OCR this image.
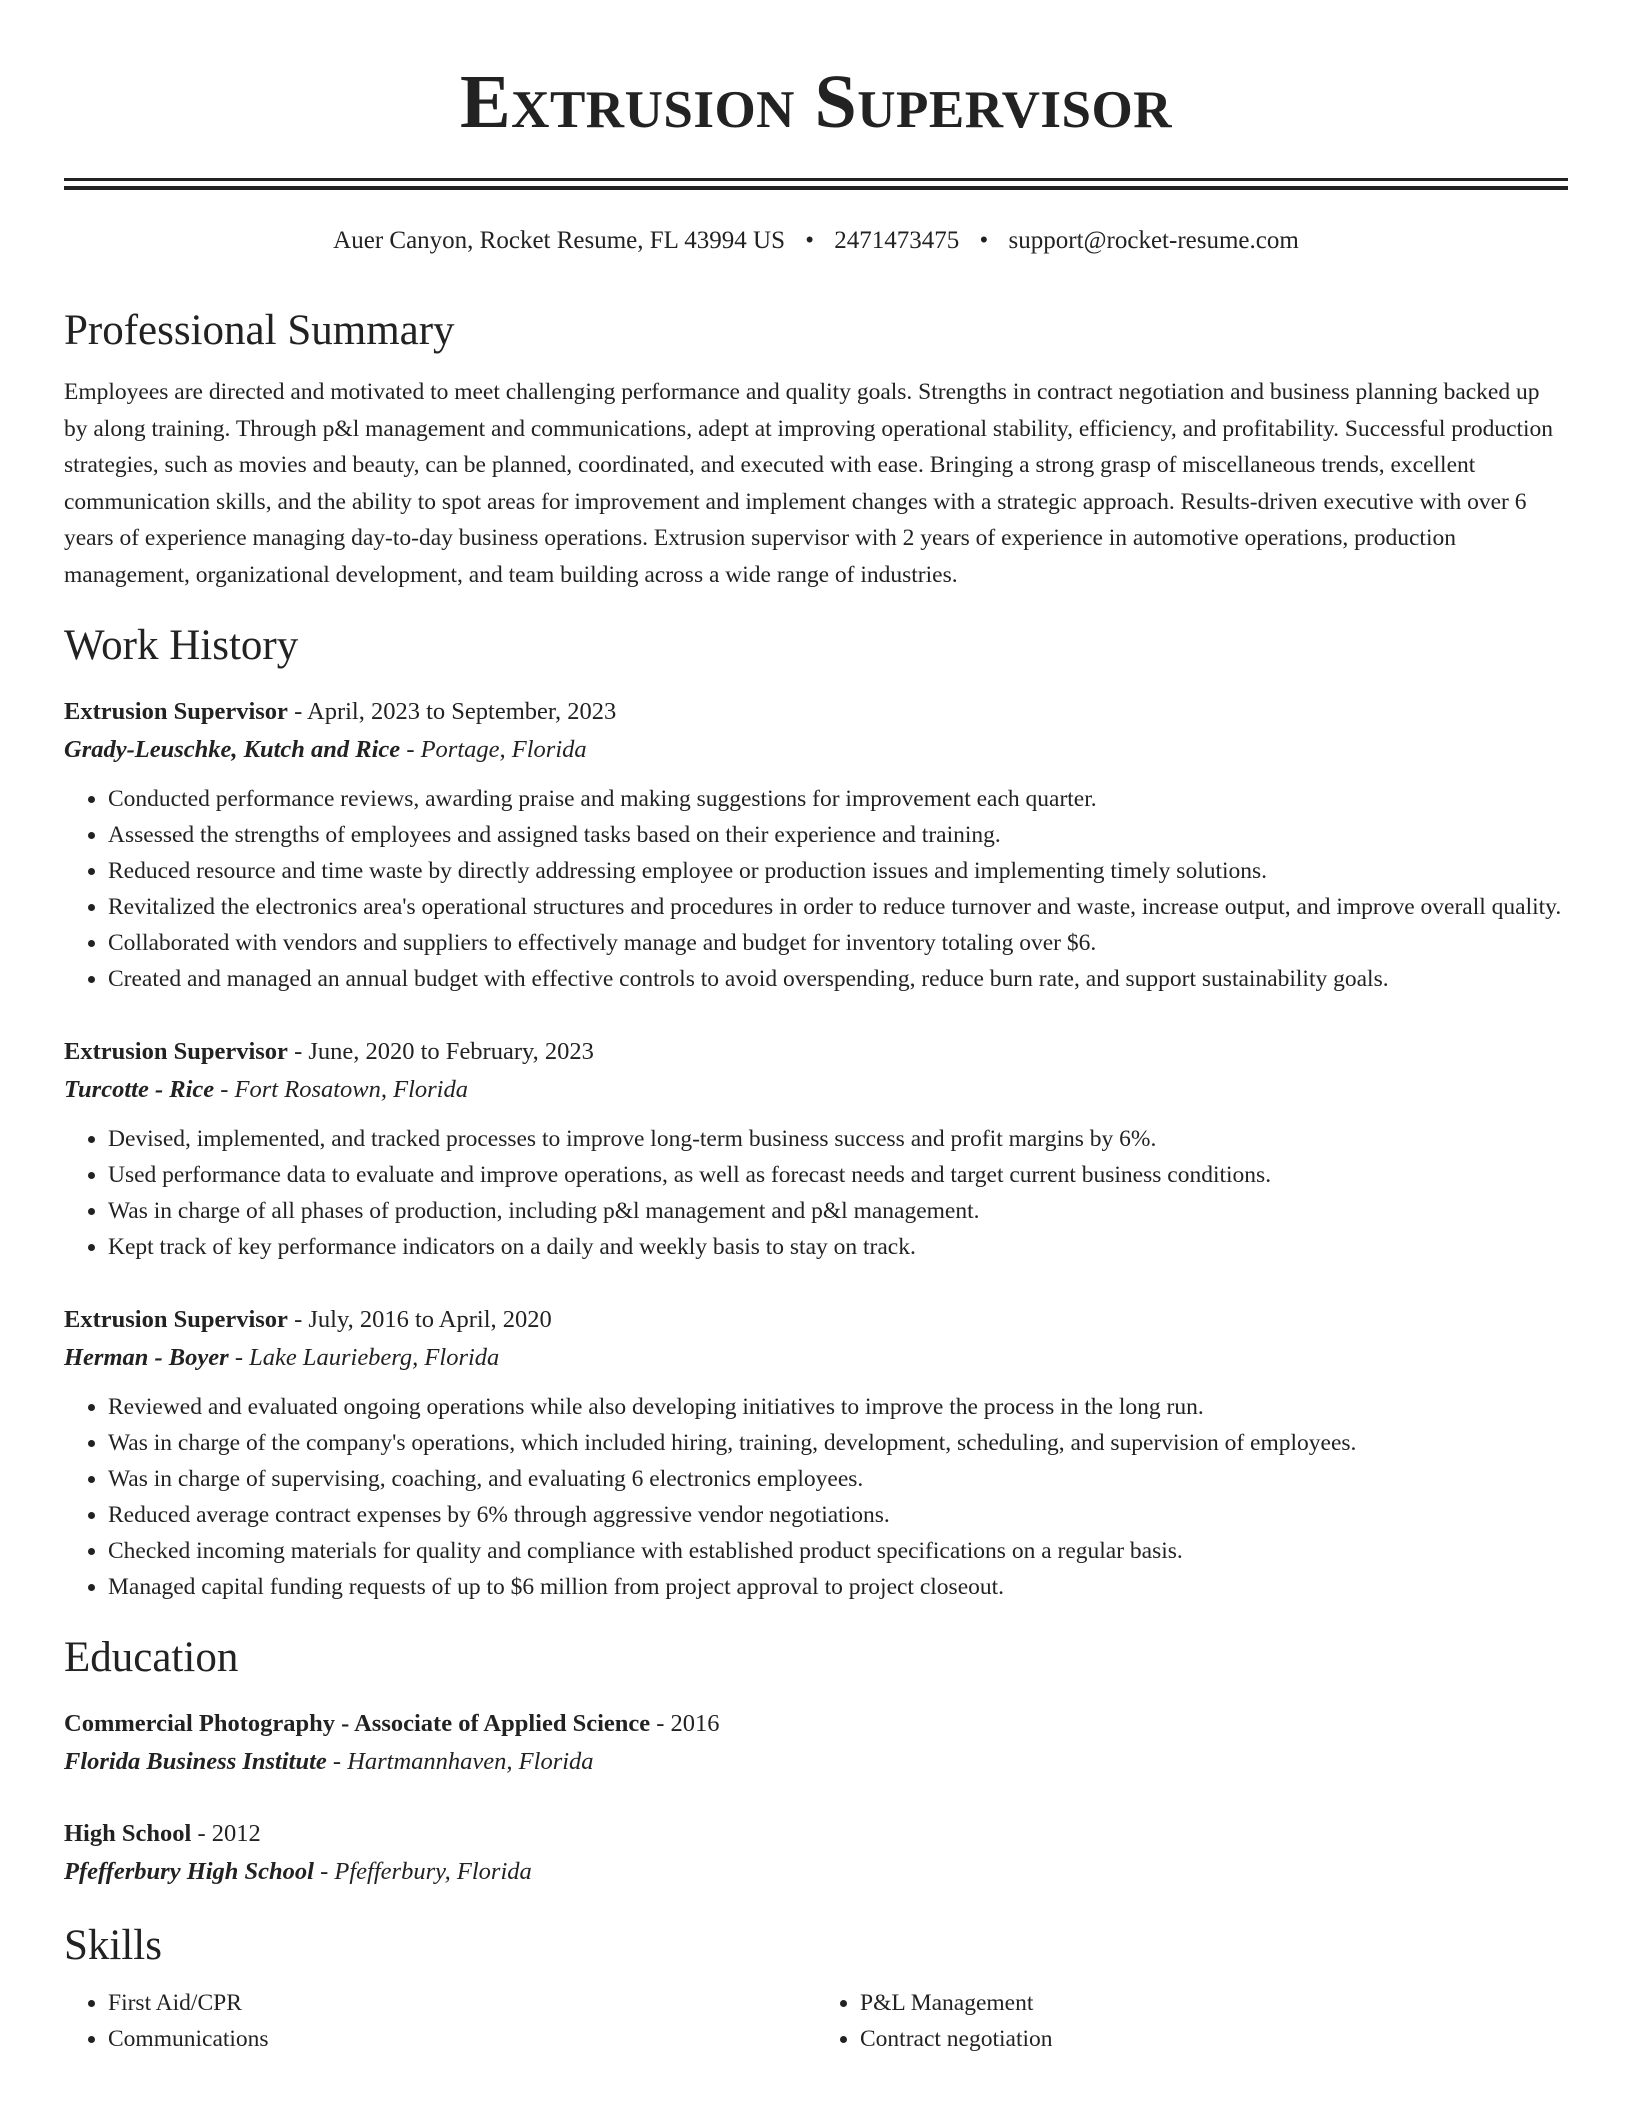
Extrusion Supervisor
Auer Canyon, Rocket Resume, FL 43994 US • 2471473475 • support@rocket-resume.com
Professional Summary

Employees are directed and motivated to meet challenging performance and quality goals. Strengths in contract negotiation and business planning backed up by along training. Through p&l management and communications, adept at improving operational stability, efficiency, and profitability. Successful production strategies, such as movies and beauty, can be planned, coordinated, and executed with ease. Bringing a strong grasp of miscellaneous trends, excellent communication skills, and the ability to spot areas for improvement and implement changes with a strategic approach. Results-driven executive with over 6 years of experience managing day-to-day business operations. Extrusion supervisor with 2 years of experience in automotive operations, production management, organizational development, and team building across a wide range of industries.

Work History
Extrusion Supervisor - April, 2023 to September, 2023
Grady-Leuschke, Kutch and Rice - Portage, Florida
• Conducted performance reviews, awarding praise and making suggestions for improvement each quarter.
• Assessed the strengths of employees and assigned tasks based on their experience and training.
• Reduced resource and time waste by directly addressing employee or production issues and implementing timely solutions.
• Revitalized the electronics area's operational structures and procedures in order to reduce turnover and waste, increase output, and improve overall quality.
• Collaborated with vendors and suppliers to effectively manage and budget for inventory totaling over $6.
• Created and managed an annual budget with effective controls to avoid overspending, reduce burn rate, and support sustainability goals.
Extrusion Supervisor - June, 2020 to February, 2023
Turcotte - Rice - Fort Rosatown, Florida
• Devised, implemented, and tracked processes to improve long-term business success and profit margins by 6%.
• Used performance data to evaluate and improve operations, as well as forecast needs and target current business conditions.
• Was in charge of all phases of production, including p&l management and p&l management.
• Kept track of key performance indicators on a daily and weekly basis to stay on track.
Extrusion Supervisor - July, 2016 to April, 2020
Herman - Boyer - Lake Laurieberg, Florida
• Reviewed and evaluated ongoing operations while also developing initiatives to improve the process in the long run.
• Was in charge of the company's operations, which included hiring, training, development, scheduling, and supervision of employees.
• Was in charge of supervising, coaching, and evaluating 6 electronics employees.
• Reduced average contract expenses by 6% through aggressive vendor negotiations.
• Checked incoming materials for quality and compliance with established product specifications on a regular basis.
• Managed capital funding requests of up to $6 million from project approval to project closeout.
Education
Commercial Photography - Associate of Applied Science - 2016
Florida Business Institute - Hartmannhaven, Florida
High School - 2012
Pfefferbury High School - Pfefferbury, Florida
Skills
• First Aid/CPR
• Communications
• P&L Management
• Contract negotiation
